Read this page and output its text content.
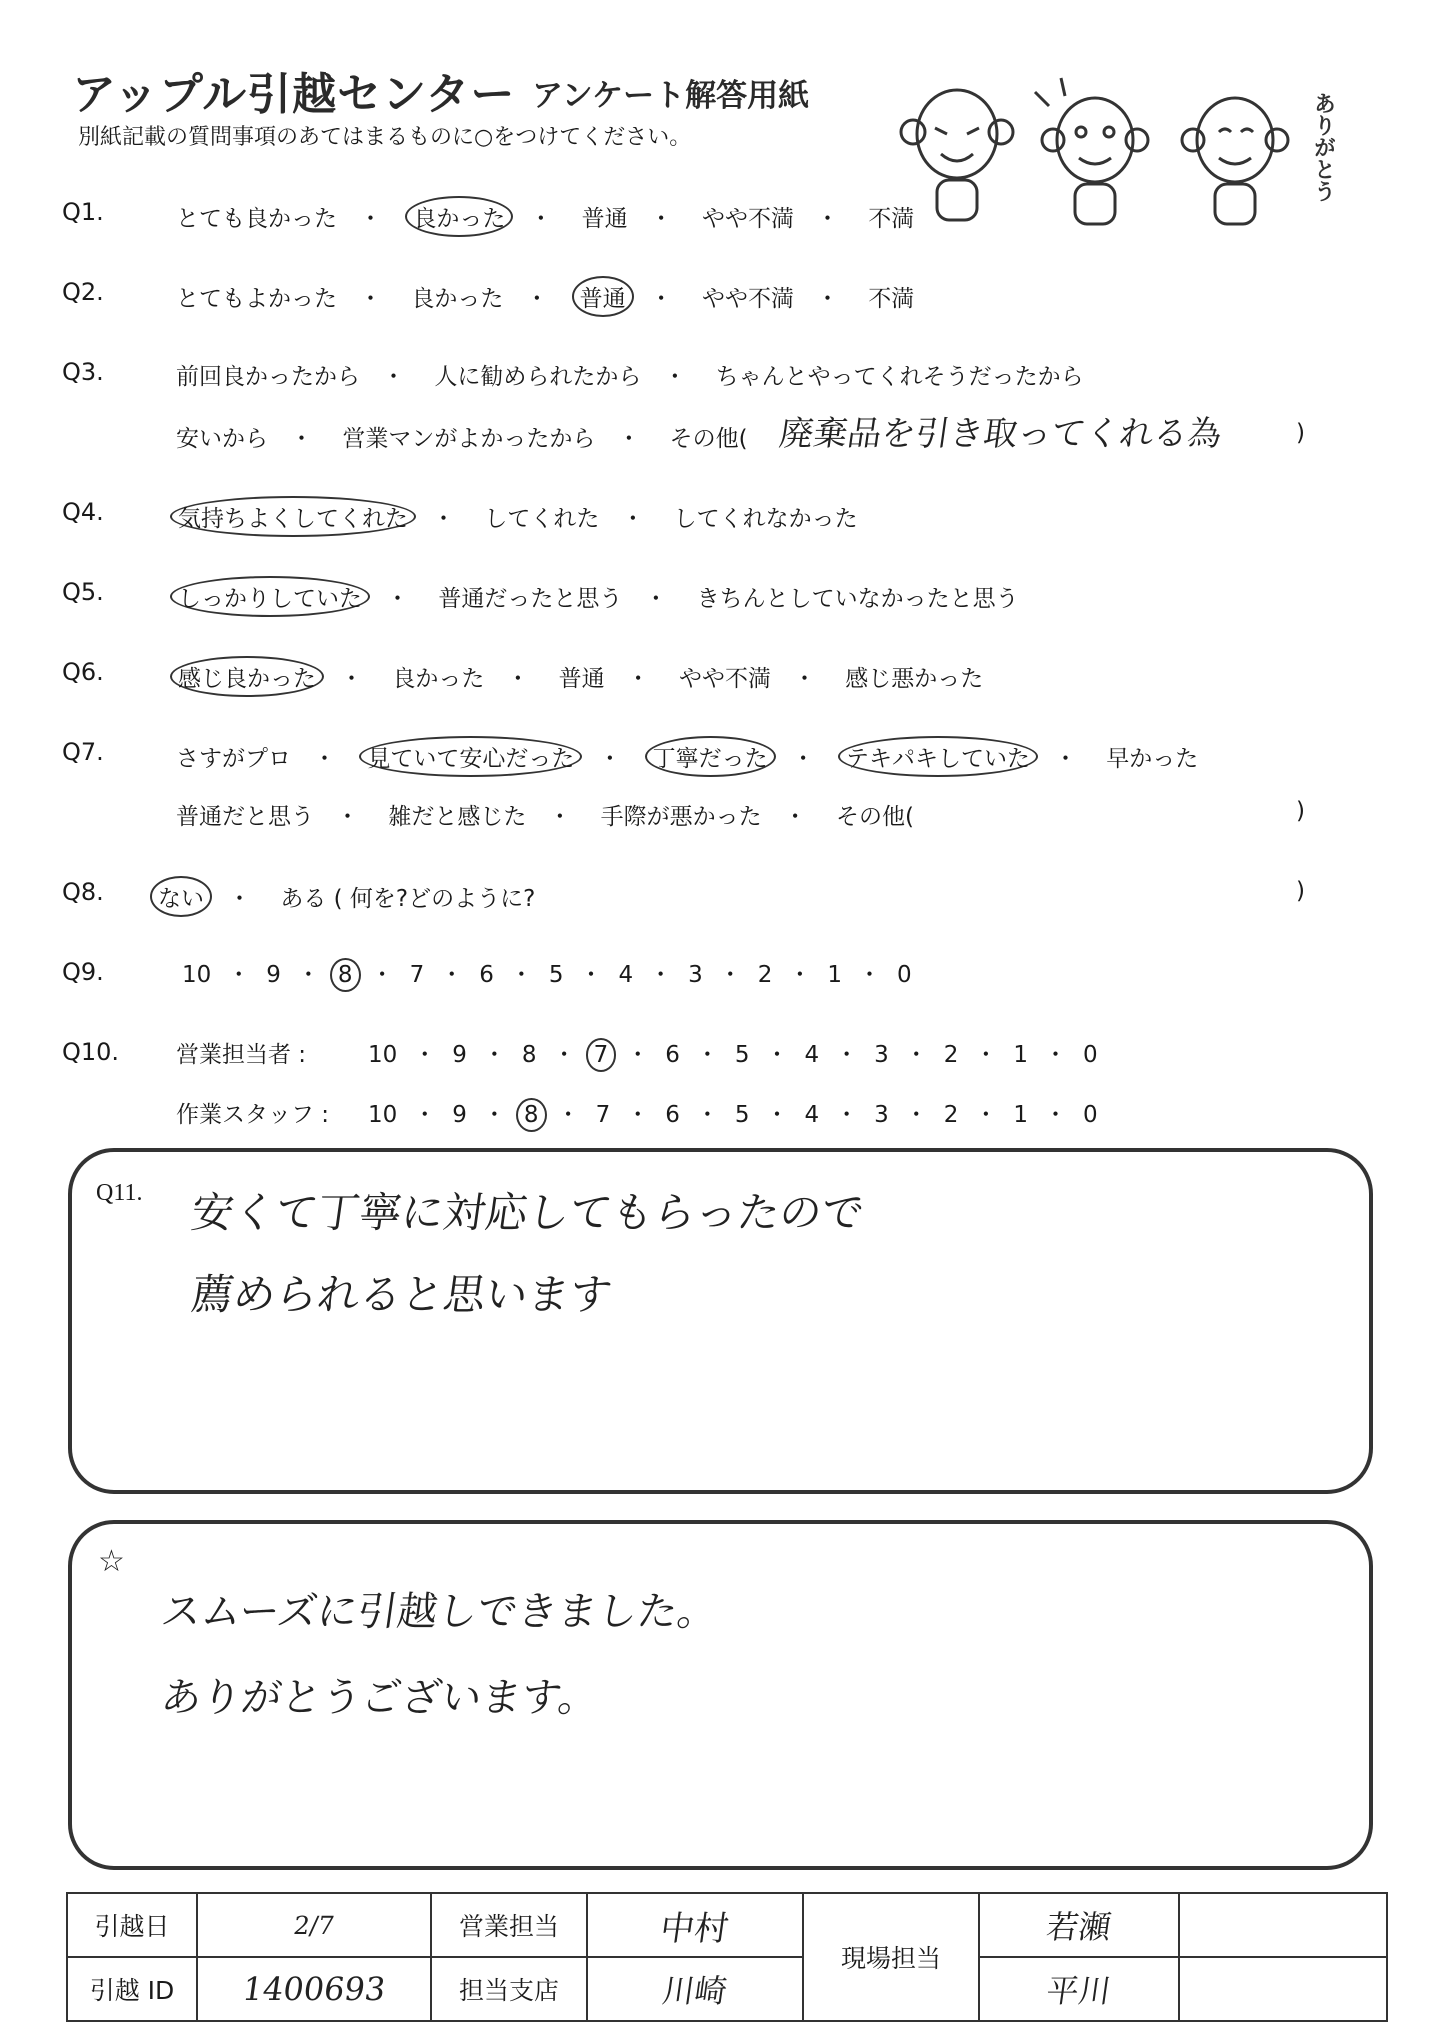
アップル引越センター アンケート解答用紙
別紙記載の質問事項のあてはまるものに○をつけてください。	ありがとう
Q1.	とても良かった ・ 良かった ・ 普通 ・ やや不満 ・ 不満
Q2.	とてもよかった ・ 良かった ・ 普通 ・ やや不満 ・ 不満
Q3.	前回良かったから ・ 人に勧められたから ・ ちゃんとやってくれそうだったから
安いから ・ 営業マンがよかったから ・ その他( 廃棄品を引き取ってくれる為	)
Q4.	気持ちよくしてくれた ・ してくれた ・ してくれなかった
Q5.	しっかりしていた ・ 普通だったと思う ・ きちんとしていなかったと思う
Q6.	感じ良かった ・ 良かった ・ 普通 ・ やや不満 ・ 感じ悪かった
Q7.	さすがプロ ・ 見ていて安心だった ・ 丁寧だった ・ テキパキしていた ・ 早かった
普通だと思う ・ 雑だと感じた ・ 手際が悪かった ・ その他(	)
Q8.	ない ・ ある ( 何を?どのように?	)
Q9.	10 ・ 9 ・ 8 ・ 7 ・ 6 ・ 5 ・ 4 ・ 3 ・ 2 ・ 1 ・ 0
Q10. 営業担当者 :	10 ・ 9 ・ 8 ・ 7 ・ 6 ・ 5 ・ 4 ・ 3 ・ 2 ・ 1 ・ 0
作業スタッフ : 10 ・ 9 ・ 8 ・ 7 ・ 6 ・ 5 ・ 4 ・ 3 ・ 2 ・ 1 ・ 0
Q11. 安くて丁寧に対応してもらったので
薦められると思います
☆
スムーズに引越しできました。
ありがとうございます。
引越日	2/7	営業担当	中村	現場担当	若瀬	
引越 ID	1400693	担当支店	川崎		平川	
